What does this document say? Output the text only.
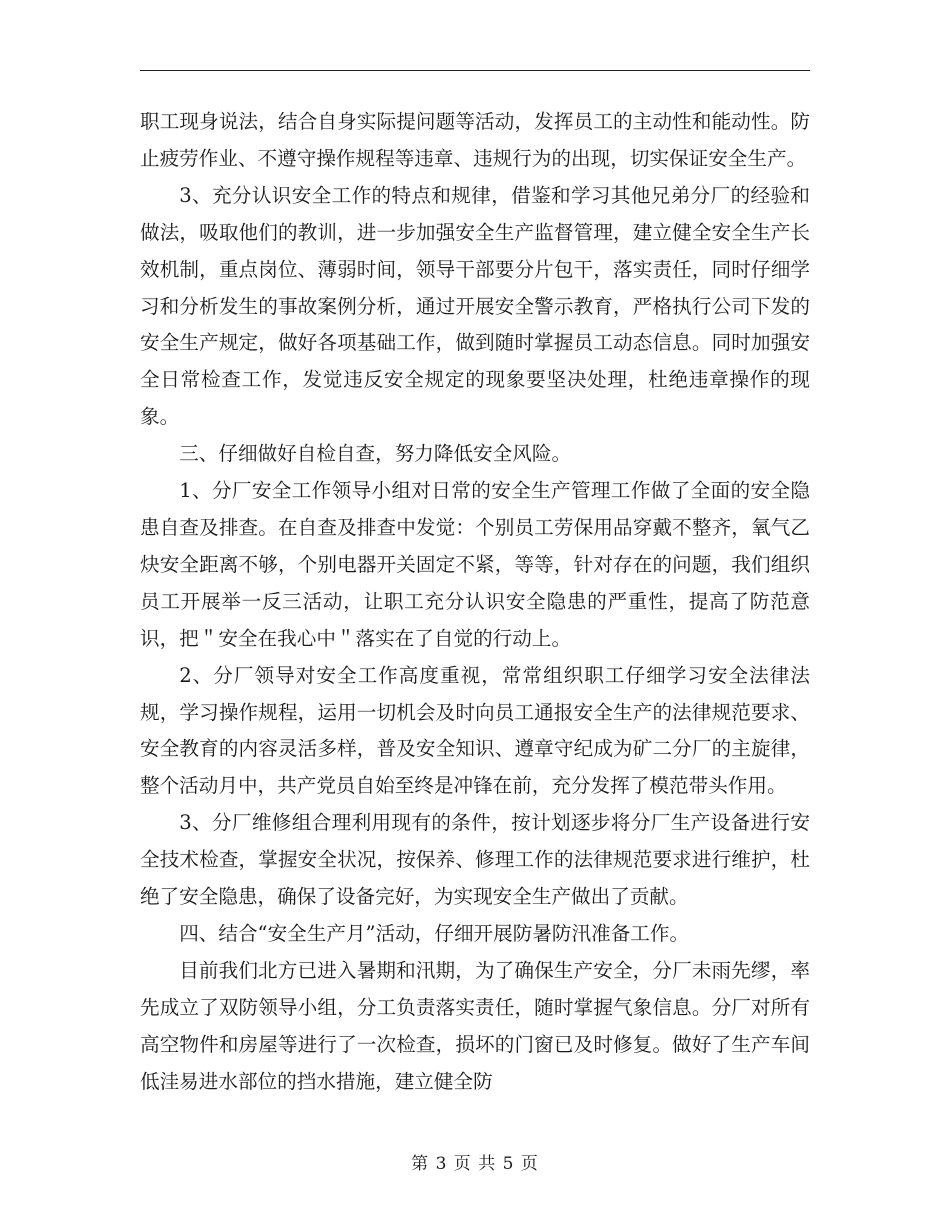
职工现身说法，结合自身实际提问题等活动，发挥员工的主动性和能动性。防止疲劳作业、不遵守操作规程等违章、违规行为的出现，切实保证安全生产。

3、充分认识安全工作的特点和规律，借鉴和学习其他兄弟分厂的经验和做法，吸取他们的教训，进一步加强安全生产监督管理，建立健全安全生产长效机制，重点岗位、薄弱时间，领导干部要分片包干，落实责任，同时仔细学习和分析发生的事故案例分析，通过开展安全警示教育，严格执行公司下发的安全生产规定，做好各项基础工作，做到随时掌握员工动态信息。同时加强安全日常检查工作，发觉违反安全规定的现象要坚决处理，杜绝违章操作的现象。

三、仔细做好自检自查，努力降低安全风险。

1、分厂安全工作领导小组对日常的安全生产管理工作做了全面的安全隐患自查及排查。在自查及排查中发觉：个别员工劳保用品穿戴不整齐，氧气乙炔安全距离不够，个别电器开关固定不紧，等等，针对存在的问题，我们组织员工开展举一反三活动，让职工充分认识安全隐患的严重性，提高了防范意识，把＂安全在我心中＂落实在了自觉的行动上。

2、分厂领导对安全工作高度重视，常常组织职工仔细学习安全法律法规，学习操作规程，运用一切机会及时向员工通报安全生产的法律规范要求、安全教育的内容灵活多样，普及安全知识、遵章守纪成为矿二分厂的主旋律，整个活动月中，共产党员自始至终是冲锋在前，充分发挥了模范带头作用。

3、分厂维修组合理利用现有的条件，按计划逐步将分厂生产设备进行安全技术检查，掌握安全状况，按保养、修理工作的法律规范要求进行维护，杜绝了安全隐患，确保了设备完好，为实现安全生产做出了贡献。

四、结合“安全生产月”活动，仔细开展防暑防汛准备工作。

目前我们北方已进入暑期和汛期，为了确保生产安全，分厂未雨先缪，率先成立了双防领导小组，分工负责落实责任，随时掌握气象信息。分厂对所有高空物件和房屋等进行了一次检查，损坏的门窗已及时修复。做好了生产车间低洼易进水部位的挡水措施，建立健全防

第 3 页 共 5 页
